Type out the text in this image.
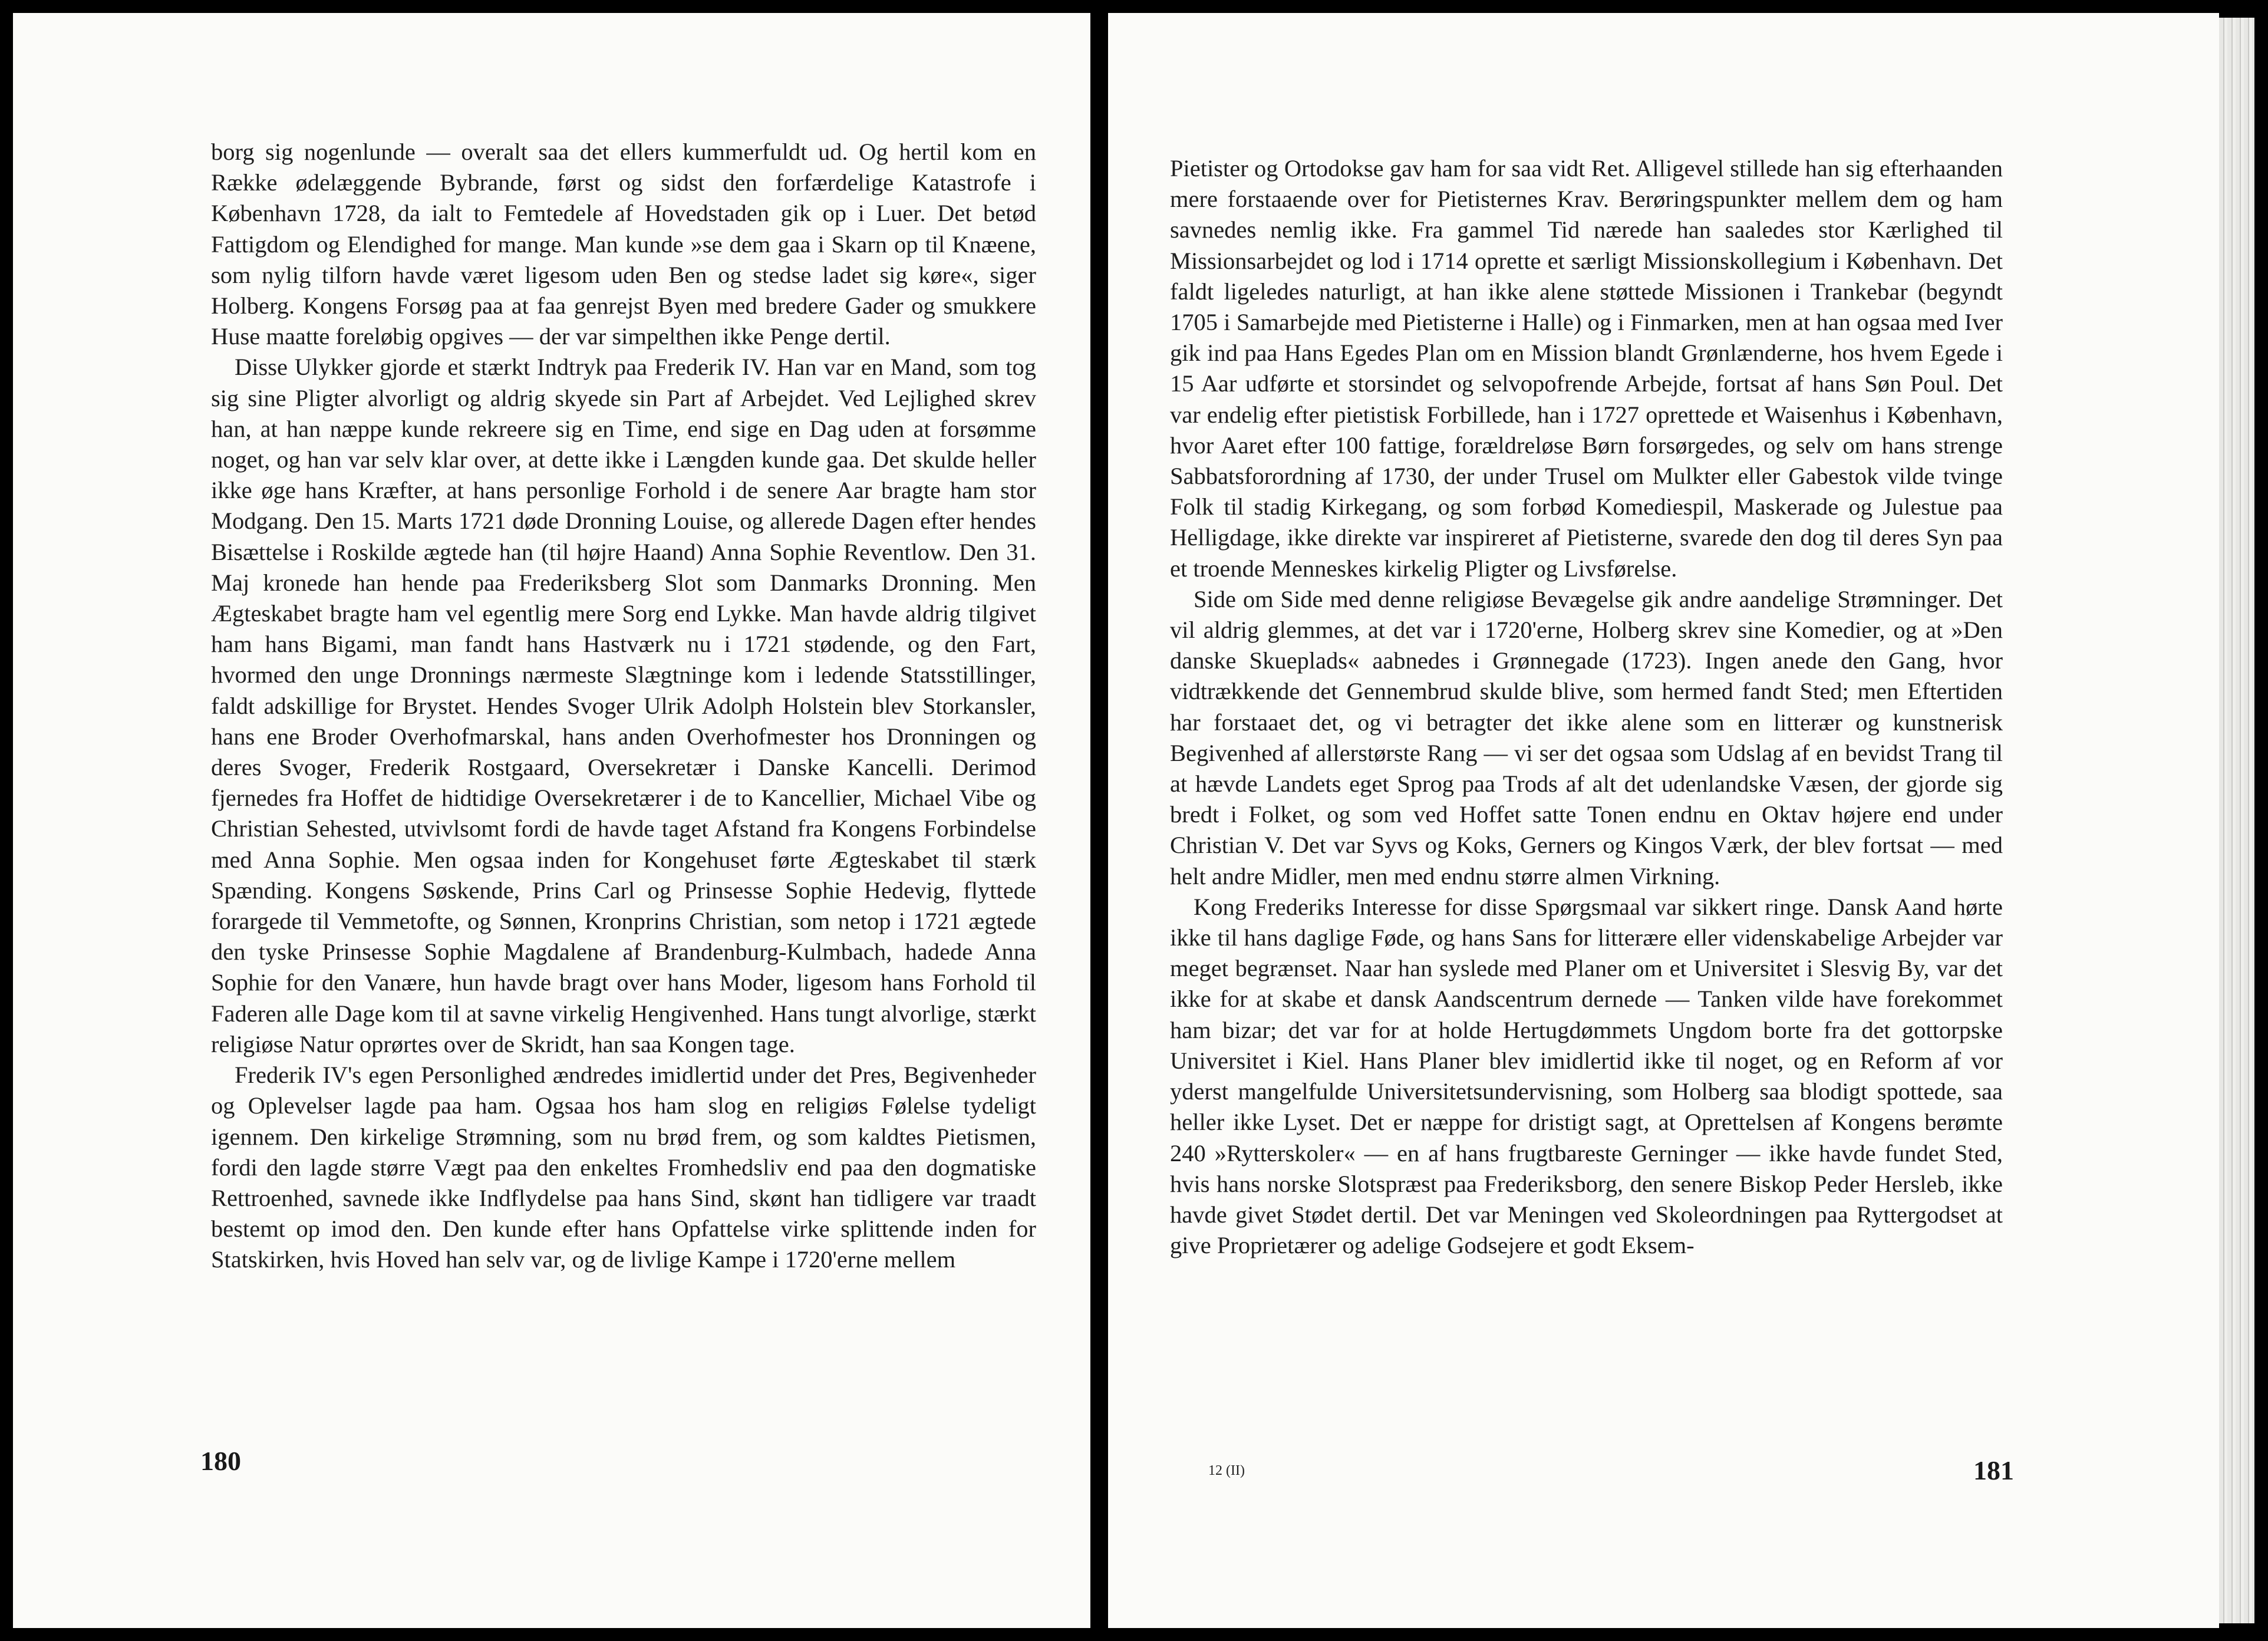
borg sig nogenlunde — overalt saa det ellers kummerfuldt ud. Og hertil kom en Række ødelæggende Bybrande, først og sidst den forfærdelige Katastrofe i København 1728, da ialt to Femtedele af Hovedstaden gik op i Luer. Det betød Fattigdom og Elendighed for mange. Man kunde »se dem gaa i Skarn op til Knæene, som nylig tilforn havde været ligesom uden Ben og stedse ladet sig køre«, siger Holberg. Kongens Forsøg paa at faa genrejst Byen med bredere Gader og smukkere Huse maatte foreløbig opgives — der var simpelthen ikke Penge dertil.

Disse Ulykker gjorde et stærkt Indtryk paa Frederik IV. Han var en Mand, som tog sig sine Pligter alvorligt og aldrig skyede sin Part af Arbejdet. Ved Lejlighed skrev han, at han næppe kunde rekreere sig en Time, end sige en Dag uden at forsømme noget, og han var selv klar over, at dette ikke i Længden kunde gaa. Det skulde heller ikke øge hans Kræfter, at hans personlige Forhold i de senere Aar bragte ham stor Modgang. Den 15. Marts 1721 døde Dronning Louise, og allerede Dagen efter hendes Bisættelse i Roskilde ægtede han (til højre Haand) Anna Sophie Reventlow. Den 31. Maj kronede han hende paa Frederiksberg Slot som Danmarks Dronning. Men Ægteskabet bragte ham vel egentlig mere Sorg end Lykke. Man havde aldrig tilgivet ham hans Bigami, man fandt hans Hastværk nu i 1721 stødende, og den Fart, hvormed den unge Dronnings nærmeste Slægtninge kom i ledende Statsstillinger, faldt adskillige for Brystet. Hendes Svoger Ulrik Adolph Holstein blev Storkansler, hans ene Broder Overhofmarskal, hans anden Overhofmester hos Dronningen og deres Svoger, Frederik Rostgaard, Oversekretær i Danske Kancelli. Derimod fjernedes fra Hoffet de hidtidige Oversekretærer i de to Kancellier, Michael Vibe og Christian Sehested, utvivlsomt fordi de havde taget Afstand fra Kongens Forbindelse med Anna Sophie. Men ogsaa inden for Kongehuset førte Ægteskabet til stærk Spænding. Kongens Søskende, Prins Carl og Prinsesse Sophie Hedevig, flyttede forargede til Vemmetofte, og Sønnen, Kronprins Christian, som netop i 1721 ægtede den tyske Prinsesse Sophie Magdalene af Brandenburg-Kulmbach, hadede Anna Sophie for den Vanære, hun havde bragt over hans Moder, ligesom hans Forhold til Faderen alle Dage kom til at savne virkelig Hengivenhed. Hans tungt alvorlige, stærkt religiøse Natur oprørtes over de Skridt, han saa Kongen tage.

Frederik IV's egen Personlighed ændredes imidlertid under det Pres, Begivenheder og Oplevelser lagde paa ham. Ogsaa hos ham slog en religiøs Følelse tydeligt igennem. Den kirkelige Strømning, som nu brød frem, og som kaldtes Pietismen, fordi den lagde større Vægt paa den enkeltes Fromhedsliv end paa den dogmatiske Rettroenhed, savnede ikke Indflydelse paa hans Sind, skønt han tidligere var traadt bestemt op imod den. Den kunde efter hans Opfattelse virke splittende inden for Statskirken, hvis Hoved han selv var, og de livlige Kampe i 1720'erne mellem

180

Pietister og Ortodokse gav ham for saa vidt Ret. Alligevel stillede han sig efterhaanden mere forstaaende over for Pietisternes Krav. Berøringspunkter mellem dem og ham savnedes nemlig ikke. Fra gammel Tid nærede han saaledes stor Kærlighed til Missionsarbejdet og lod i 1714 oprette et særligt Missionskollegium i København. Det faldt ligeledes naturligt, at han ikke alene støttede Missionen i Trankebar (begyndt 1705 i Samarbejde med Pietisterne i Halle) og i Finmarken, men at han ogsaa med Iver gik ind paa Hans Egedes Plan om en Mission blandt Grønlænderne, hos hvem Egede i 15 Aar udførte et storsindet og selvopofrende Arbejde, fortsat af hans Søn Poul. Det var endelig efter pietistisk Forbillede, han i 1727 oprettede et Waisenhus i København, hvor Aaret efter 100 fattige, forældreløse Børn forsørgedes, og selv om hans strenge Sabbatsforordning af 1730, der under Trusel om Mulkter eller Gabestok vilde tvinge Folk til stadig Kirkegang, og som forbød Komediespil, Maskerade og Julestue paa Helligdage, ikke direkte var inspireret af Pietisterne, svarede den dog til deres Syn paa et troende Menneskes kirkelig Pligter og Livsførelse.

Side om Side med denne religiøse Bevægelse gik andre aandelige Strømninger. Det vil aldrig glemmes, at det var i 1720'erne, Holberg skrev sine Komedier, og at »Den danske Skueplads« aabnedes i Grønnegade (1723). Ingen anede den Gang, hvor vidtrækkende det Gennembrud skulde blive, som hermed fandt Sted; men Eftertiden har forstaaet det, og vi betragter det ikke alene som en litterær og kunstnerisk Begivenhed af allerstørste Rang — vi ser det ogsaa som Udslag af en bevidst Trang til at hævde Landets eget Sprog paa Trods af alt det udenlandske Væsen, der gjorde sig bredt i Folket, og som ved Hoffet satte Tonen endnu en Oktav højere end under Christian V. Det var Syvs og Koks, Gerners og Kingos Værk, der blev fortsat — med helt andre Midler, men med endnu større almen Virkning.

Kong Frederiks Interesse for disse Spørgsmaal var sikkert ringe. Dansk Aand hørte ikke til hans daglige Føde, og hans Sans for litterære eller videnskabelige Arbejder var meget begrænset. Naar han syslede med Planer om et Universitet i Slesvig By, var det ikke for at skabe et dansk Aandscentrum dernede — Tanken vilde have forekommet ham bizar; det var for at holde Hertugdømmets Ungdom borte fra det gottorpske Universitet i Kiel. Hans Planer blev imidlertid ikke til noget, og en Reform af vor yderst mangelfulde Universitetsundervisning, som Holberg saa blodigt spottede, saa heller ikke Lyset. Det er næppe for dristigt sagt, at Oprettelsen af Kongens berømte 240 »Rytterskoler« — en af hans frugtbareste Gerninger — ikke havde fundet Sted, hvis hans norske Slotspræst paa Frederiksborg, den senere Biskop Peder Hersleb, ikke havde givet Stødet dertil. Det var Meningen ved Skoleordningen paa Ryttergodset at give Proprietærer og adelige Godsejere et godt Eksem-

12 (II)	181
